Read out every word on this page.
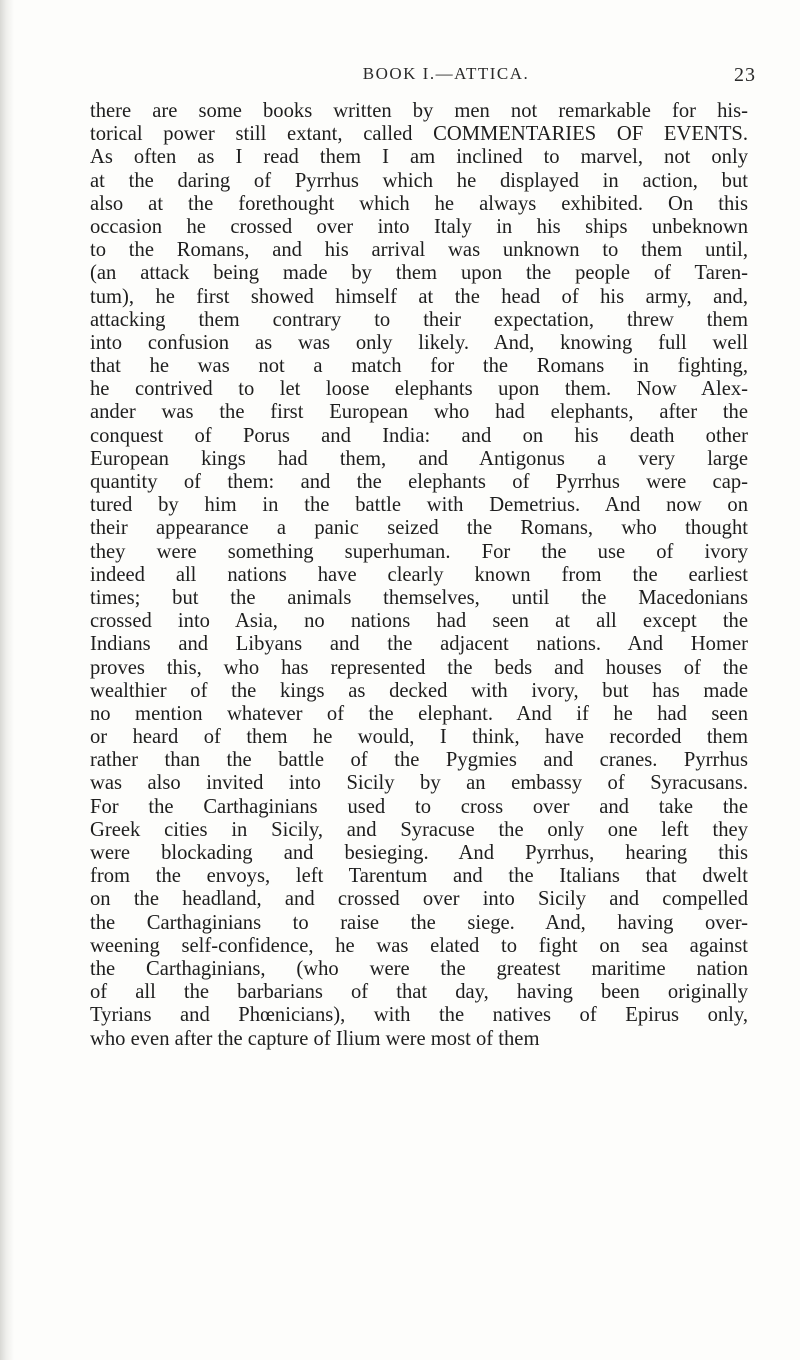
BOOK I.—ATTICA.	23
there are some books written by men not remarkable for his-
torical power still extant, called COMMENTARIES OF EVENTS.
As often as I read them I am inclined to marvel, not only
at the daring of Pyrrhus which he displayed in action, but
also at the forethought which he always exhibited. On this
occasion he crossed over into Italy in his ships unbeknown
to the Romans, and his arrival was unknown to them until,
(an attack being made by them upon the people of Taren-
tum), he first showed himself at the head of his army, and,
attacking them contrary to their expectation, threw them
into confusion as was only likely. And, knowing full well
that he was not a match for the Romans in fighting,
he contrived to let loose elephants upon them. Now Alex-
ander was the first European who had elephants, after the
conquest of Porus and India: and on his death other
European kings had them, and Antigonus a very large
quantity of them: and the elephants of Pyrrhus were cap-
tured by him in the battle with Demetrius. And now on
their appearance a panic seized the Romans, who thought
they were something superhuman. For the use of ivory
indeed all nations have clearly known from the earliest
times; but the animals themselves, until the Macedonians
crossed into Asia, no nations had seen at all except the
Indians and Libyans and the adjacent nations. And Homer
proves this, who has represented the beds and houses of the
wealthier of the kings as decked with ivory, but has made
no mention whatever of the elephant. And if he had seen
or heard of them he would, I think, have recorded them
rather than the battle of the Pygmies and cranes. Pyrrhus
was also invited into Sicily by an embassy of Syracusans.
For the Carthaginians used to cross over and take the
Greek cities in Sicily, and Syracuse the only one left they
were blockading and besieging. And Pyrrhus, hearing this
from the envoys, left Tarentum and the Italians that dwelt
on the headland, and crossed over into Sicily and compelled
the Carthaginians to raise the siege. And, having over-
weening self-confidence, he was elated to fight on sea against
the Carthaginians, (who were the greatest maritime nation
of all the barbarians of that day, having been originally
Tyrians and Phœnicians), with the natives of Epirus only,
who even after the capture of Ilium were most of them
